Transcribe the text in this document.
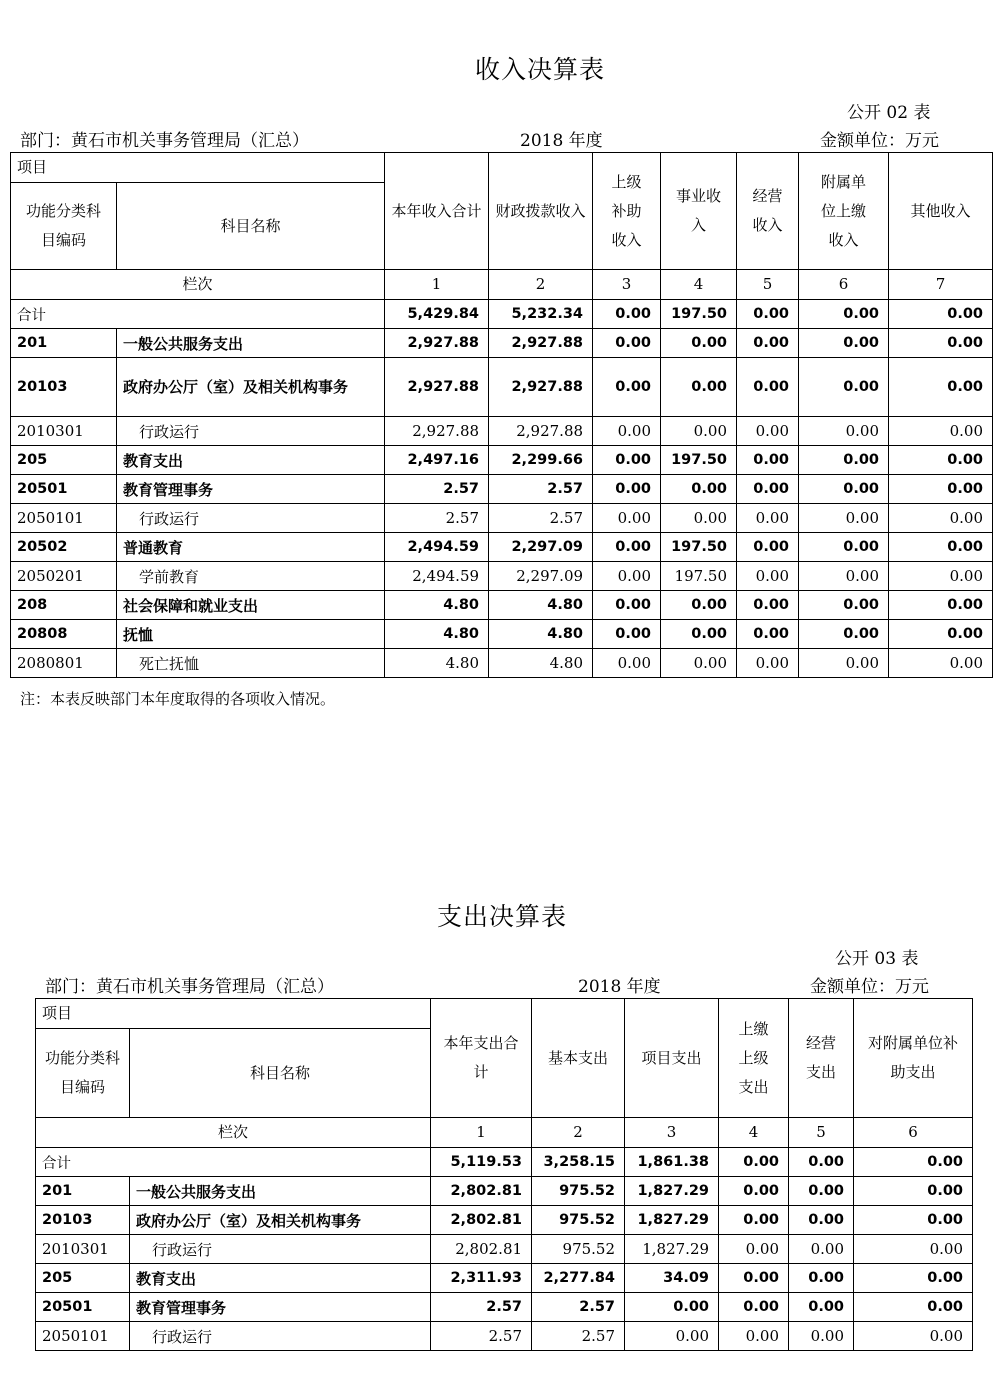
收入决算表
公开 02 表
部门：黄石市机关事务管理局（汇总）	2018 年度	金额单位：万元
项目		本年收入合计	财政拨款收入	上级补助收入	事业收入	经营收入	附属单位上缴收入	其他收入
功能分类科目编码	科目名称							
栏次		1	2	3	4	5	6	7
合计		5,429.84	5,232.34	0.00	197.50	0.00	0.00	0.00
201	一般公共服务支出	2,927.88	2,927.88	0.00	0.00	0.00	0.00	0.00
20103	政府办公厅（室）及相关机构事务	2,927.88	2,927.88	0.00	0.00	0.00	0.00	0.00
2010301	行政运行	2,927.88	2,927.88	0.00	0.00	0.00	0.00	0.00
205	教育支出	2,497.16	2,299.66	0.00	197.50	0.00	0.00	0.00
20501	教育管理事务	2.57	2.57	0.00	0.00	0.00	0.00	0.00
2050101	行政运行	2.57	2.57	0.00	0.00	0.00	0.00	0.00
20502	普通教育	2,494.59	2,297.09	0.00	197.50	0.00	0.00	0.00
2050201	学前教育	2,494.59	2,297.09	0.00	197.50	0.00	0.00	0.00
208	社会保障和就业支出	4.80	4.80	0.00	0.00	0.00	0.00	0.00
20808	抚恤	4.80	4.80	0.00	0.00	0.00	0.00	0.00
2080801	死亡抚恤	4.80	4.80	0.00	0.00	0.00	0.00	0.00
注：本表反映部门本年度取得的各项收入情况。
支出决算表
公开 03 表
部门：黄石市机关事务管理局（汇总）	2018 年度	金额单位：万元
项目		本年支出合计	基本支出	项目支出	上缴上级支出	经营支出	对附属单位补助支出
功能分类科目编码	科目名称						
栏次		1	2	3	4	5	6
合计		5,119.53	3,258.15	1,861.38	0.00	0.00	0.00
201	一般公共服务支出	2,802.81	975.52	1,827.29	0.00	0.00	0.00
20103	政府办公厅（室）及相关机构事务	2,802.81	975.52	1,827.29	0.00	0.00	0.00
2010301	行政运行	2,802.81	975.52	1,827.29	0.00	0.00	0.00
205	教育支出	2,311.93	2,277.84	34.09	0.00	0.00	0.00
20501	教育管理事务	2.57	2.57	0.00	0.00	0.00	0.00
2050101	行政运行	2.57	2.57	0.00	0.00	0.00	0.00
